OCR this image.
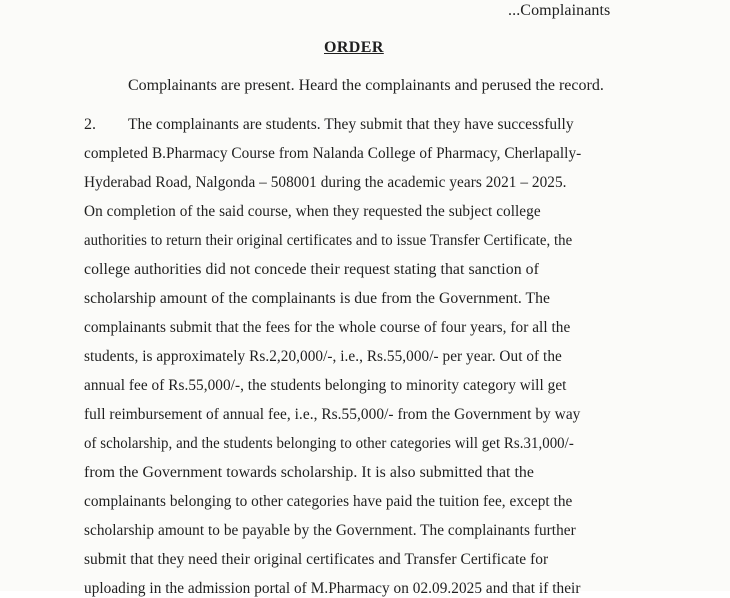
...Complainants
ORDER
Complainants are present. Heard the complainants and perused the record.
2. The complainants are students. They submit that they have successfully
completed B.Pharmacy Course from Nalanda College of Pharmacy, Cherlapally-
Hyderabad Road, Nalgonda – 508001 during the academic years 2021 – 2025.
On completion of the said course, when they requested the subject college
authorities to return their original certificates and to issue Transfer Certificate, the
college authorities did not concede their request stating that sanction of
scholarship amount of the complainants is due from the Government. The
complainants submit that the fees for the whole course of four years, for all the
students, is approximately Rs.2,20,000/-, i.e., Rs.55,000/- per year. Out of the
annual fee of Rs.55,000/-, the students belonging to minority category will get
full reimbursement of annual fee, i.e., Rs.55,000/- from the Government by way
of scholarship, and the students belonging to other categories will get Rs.31,000/-
from the Government towards scholarship. It is also submitted that the
complainants belonging to other categories have paid the tuition fee, except the
scholarship amount to be payable by the Government. The complainants further
submit that they need their original certificates and Transfer Certificate for
uploading in the admission portal of M.Pharmacy on 02.09.2025 and that if their
